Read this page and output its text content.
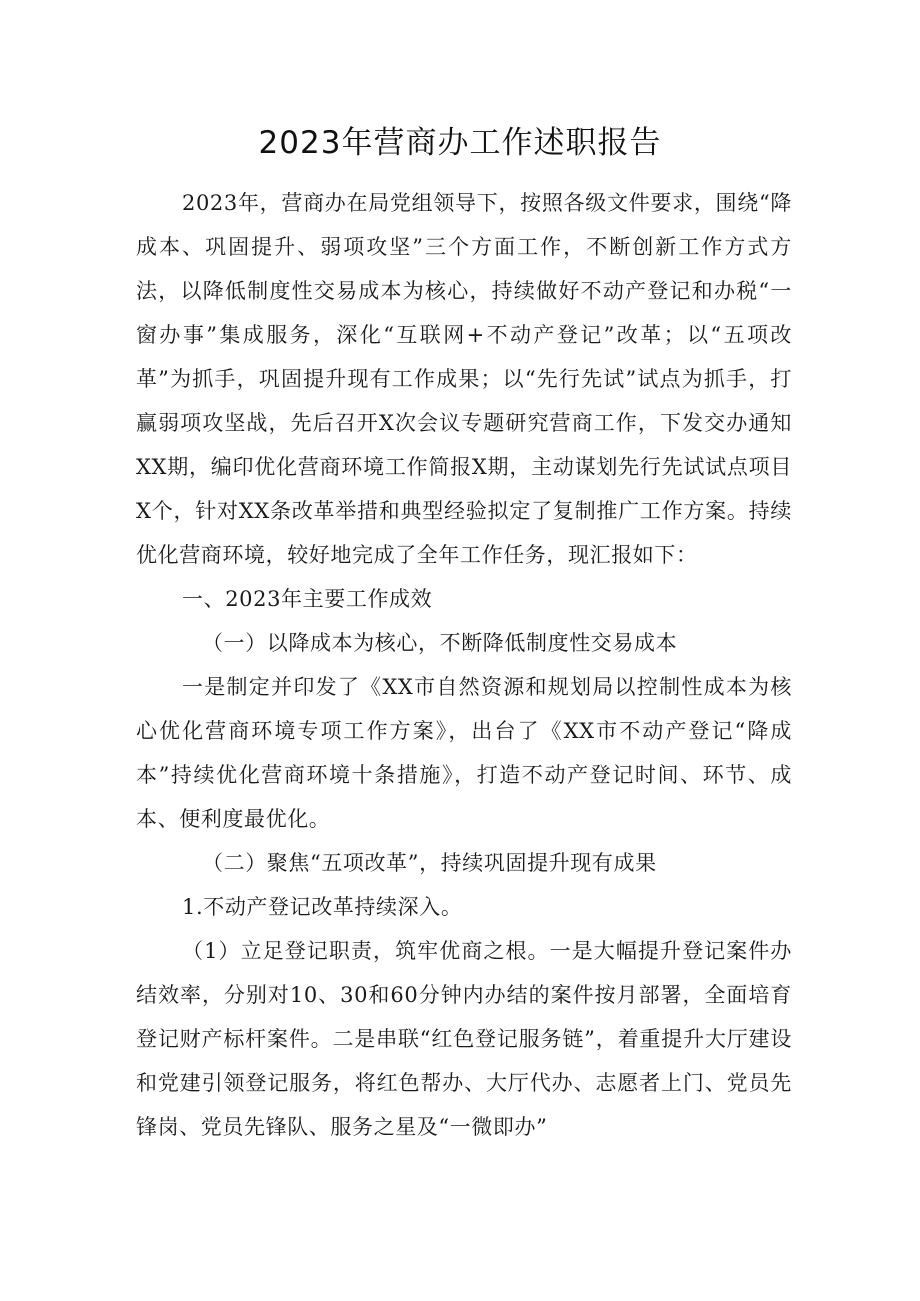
2023年营商办工作述职报告

2023年，营商办在局党组领导下，按照各级文件要求，围绕“降成本、巩固提升、弱项攻坚”三个方面工作，不断创新工作方式方法，以降低制度性交易成本为核心，持续做好不动产登记和办税“一窗办事”集成服务，深化“互联网+不动产登记”改革；以“五项改革”为抓手，巩固提升现有工作成果；以“先行先试”试点为抓手，打赢弱项攻坚战，先后召开X次会议专题研究营商工作，下发交办通知XX期，编印优化营商环境工作简报X期，主动谋划先行先试试点项目X个，针对XX条改革举措和典型经验拟定了复制推广工作方案。持续优化营商环境，较好地完成了全年工作任务，现汇报如下：

一、2023年主要工作成效

（一）以降成本为核心，不断降低制度性交易成本

一是制定并印发了《XX市自然资源和规划局以控制性成本为核心优化营商环境专项工作方案》，出台了《XX市不动产登记“降成本”持续优化营商环境十条措施》，打造不动产登记时间、环节、成本、便利度最优化。

（二）聚焦“五项改革”，持续巩固提升现有成果

1.不动产登记改革持续深入。

（1）立足登记职责，筑牢优商之根。一是大幅提升登记案件办结效率，分别对10、30和60分钟内办结的案件按月部署，全面培育登记财产标杆案件。二是串联“红色登记服务链”，着重提升大厅建设和党建引领登记服务，将红色帮办、大厅代办、志愿者上门、党员先锋岗、党员先锋队、服务之星及“一微即办”
